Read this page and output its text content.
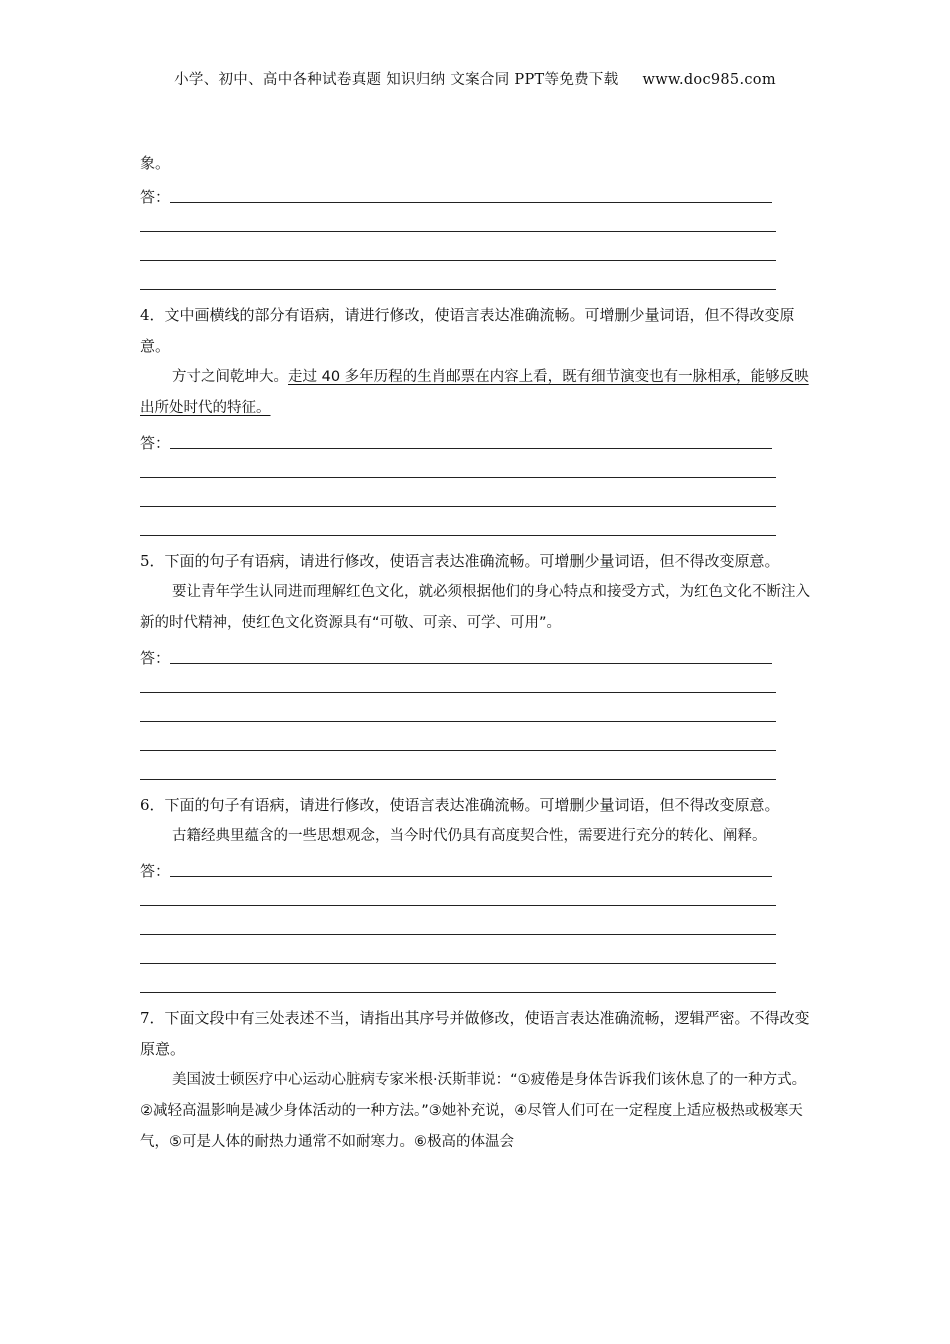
小学、初中、高中各种试卷真题 知识归纳 文案合同 PPT等免费下载 www.doc985.com
象。
答：
4．文中画横线的部分有语病，请进行修改，使语言表达准确流畅。可增删少量词语，但不得改变原意。
方寸之间乾坤大。走过 40 多年历程的生肖邮票在内容上看，既有细节演变也有一脉相承，能够反映出所处时代的特征。
答：
5．下面的句子有语病，请进行修改，使语言表达准确流畅。可增删少量词语，但不得改变原意。
要让青年学生认同进而理解红色文化，就必须根据他们的身心特点和接受方式，为红色文化不断注入新的时代精神，使红色文化资源具有“可敬、可亲、可学、可用”。
答：
6．下面的句子有语病，请进行修改，使语言表达准确流畅。可增删少量词语，但不得改变原意。
古籍经典里蕴含的一些思想观念，当今时代仍具有高度契合性，需要进行充分的转化、阐释。
答：
7．下面文段中有三处表述不当，请指出其序号并做修改，使语言表达准确流畅，逻辑严密。不得改变原意。
美国波士顿医疗中心运动心脏病专家米根·沃斯菲说：“①疲倦是身体告诉我们该休息了的一种方式。②减轻高温影响是减少身体活动的一种方法。”③她补充说，④尽管人们可在一定程度上适应极热或极寒天气，⑤可是人体的耐热力通常不如耐寒力。⑥极高的体温会
